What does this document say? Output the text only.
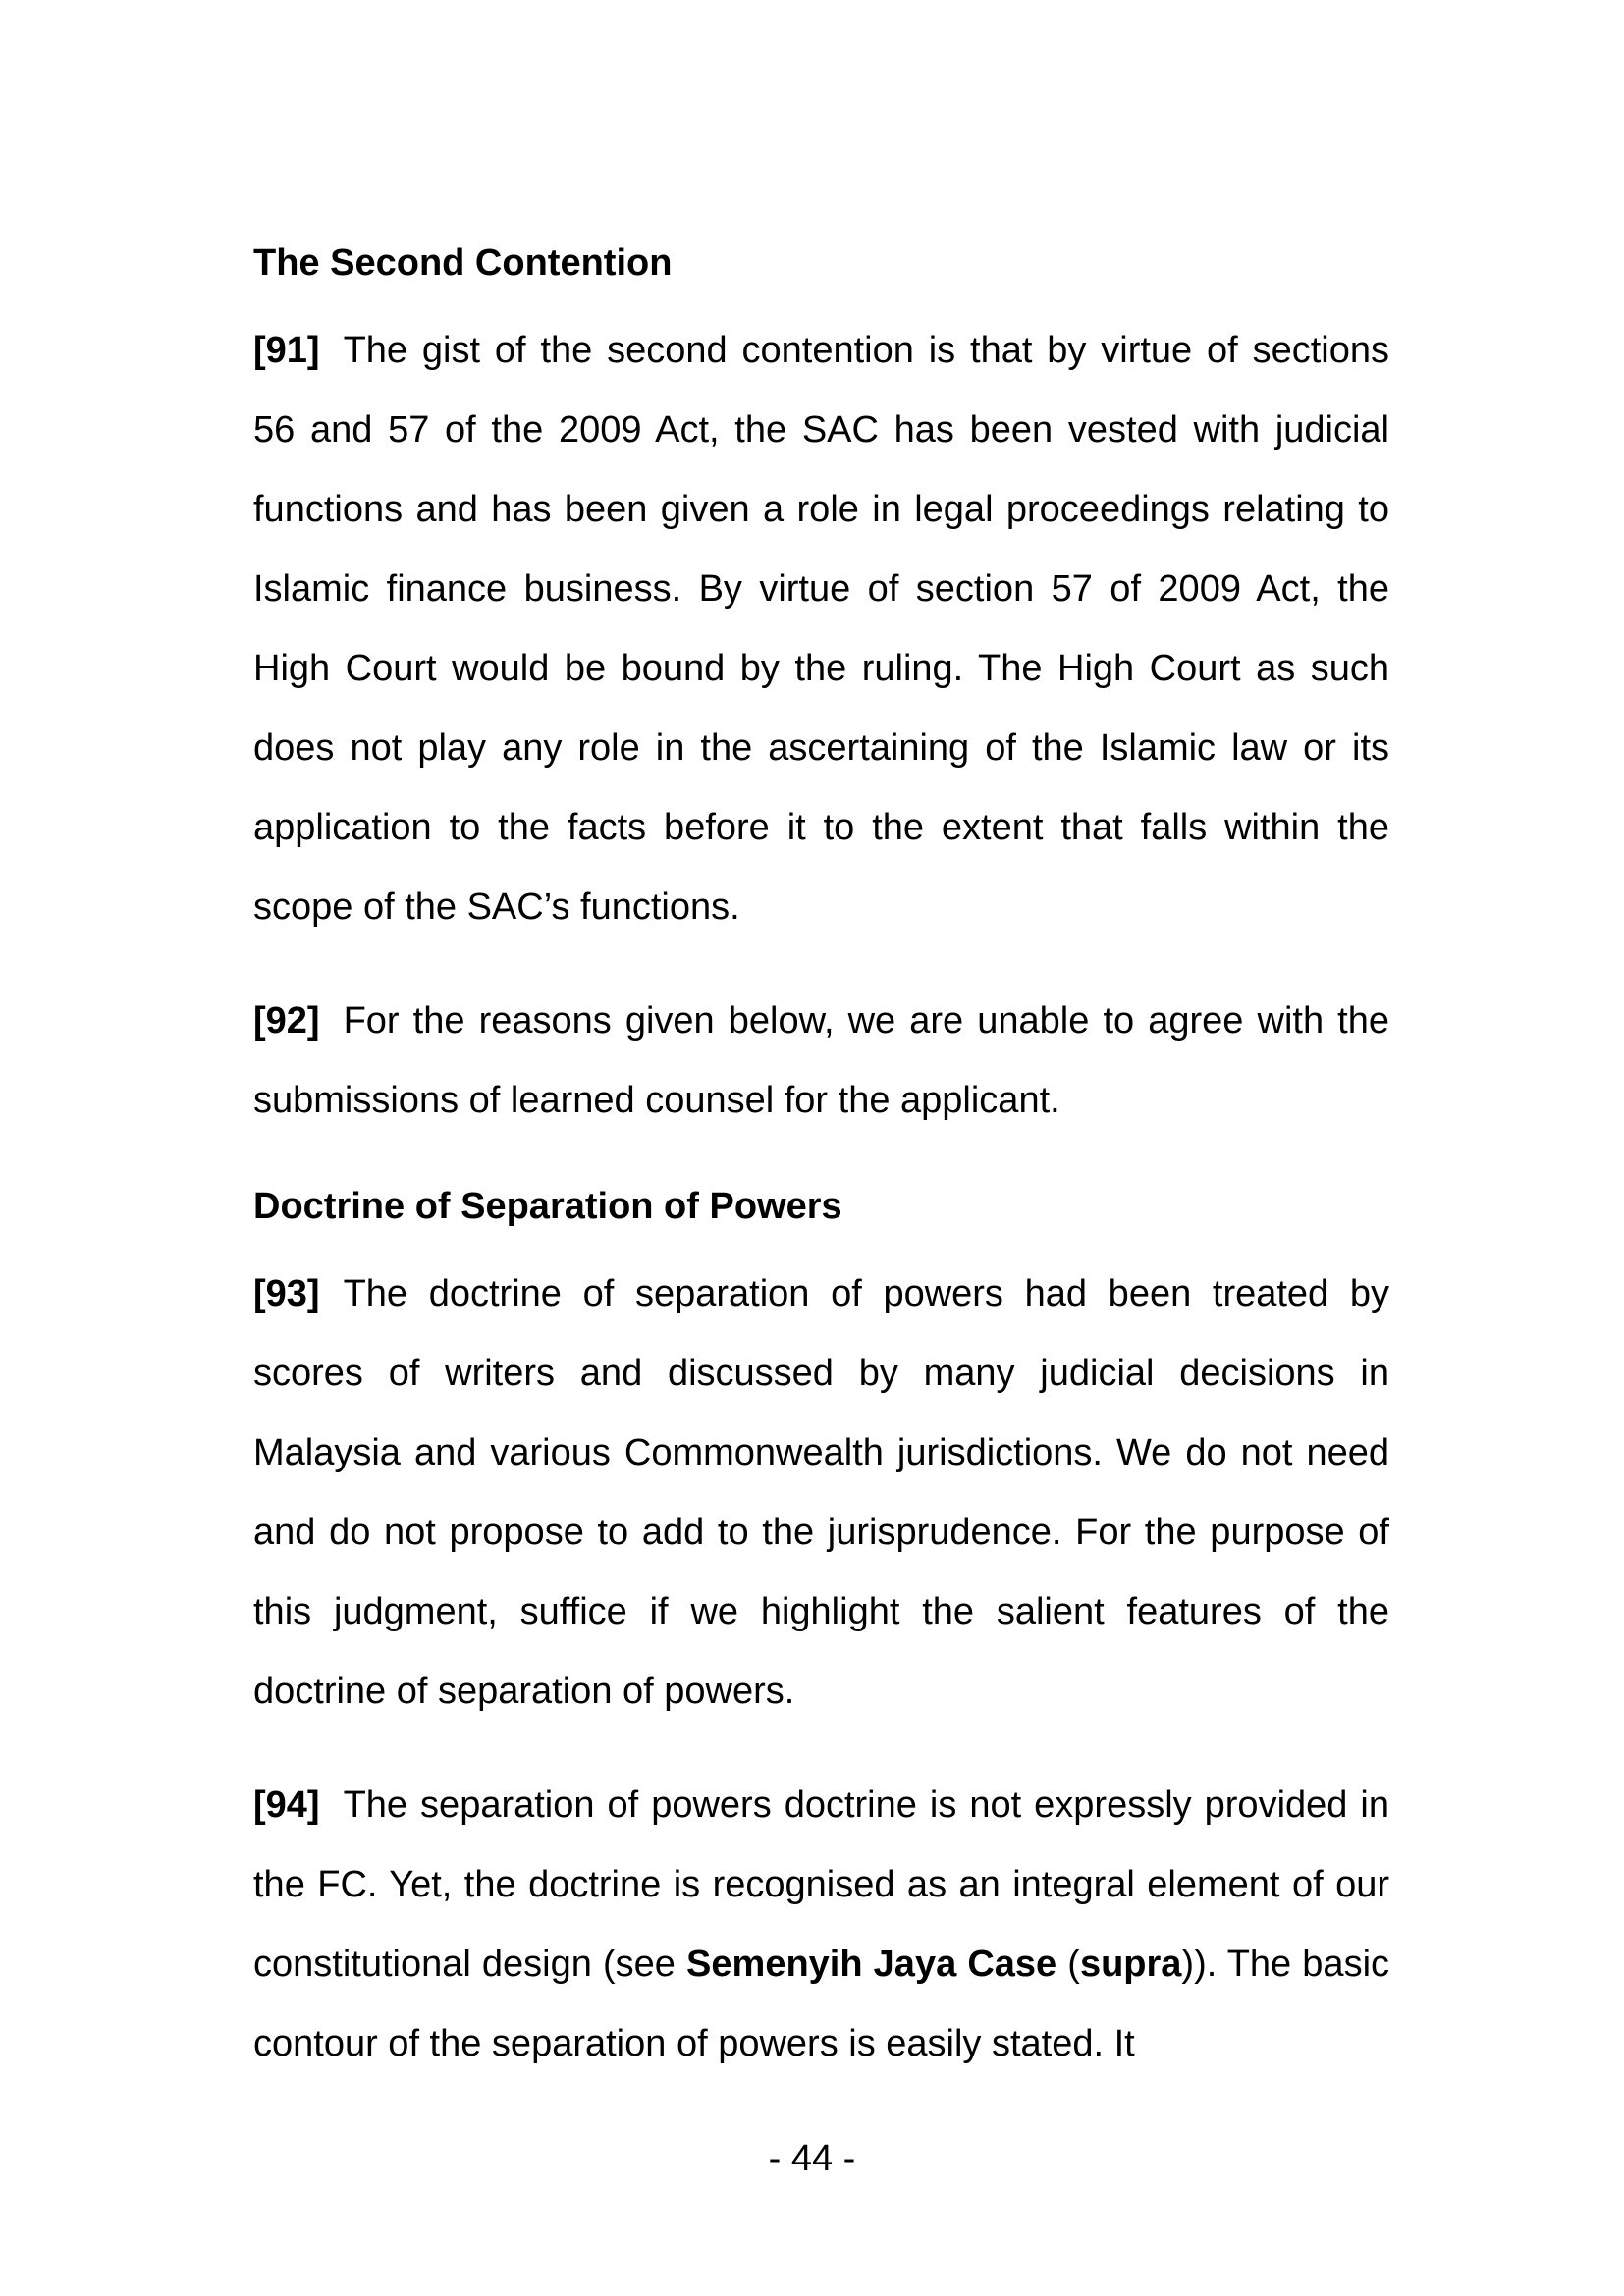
The Second Contention

[91] The gist of the second contention is that by virtue of sections 56 and 57 of the 2009 Act, the SAC has been vested with judicial functions and has been given a role in legal proceedings relating to Islamic finance business. By virtue of section 57 of 2009 Act, the High Court would be bound by the ruling. The High Court as such does not play any role in the ascertaining of the Islamic law or its application to the facts before it to the extent that falls within the scope of the SAC’s functions.

[92] For the reasons given below, we are unable to agree with the submissions of learned counsel for the applicant.

Doctrine of Separation of Powers

[93] The doctrine of separation of powers had been treated by scores of writers and discussed by many judicial decisions in Malaysia and various Commonwealth jurisdictions. We do not need and do not propose to add to the jurisprudence. For the purpose of this judgment, suffice if we highlight the salient features of the doctrine of separation of powers.

[94] The separation of powers doctrine is not expressly provided in the FC. Yet, the doctrine is recognised as an integral element of our constitutional design (see Semenyih Jaya Case (supra)). The basic contour of the separation of powers is easily stated. It

- 44 -
